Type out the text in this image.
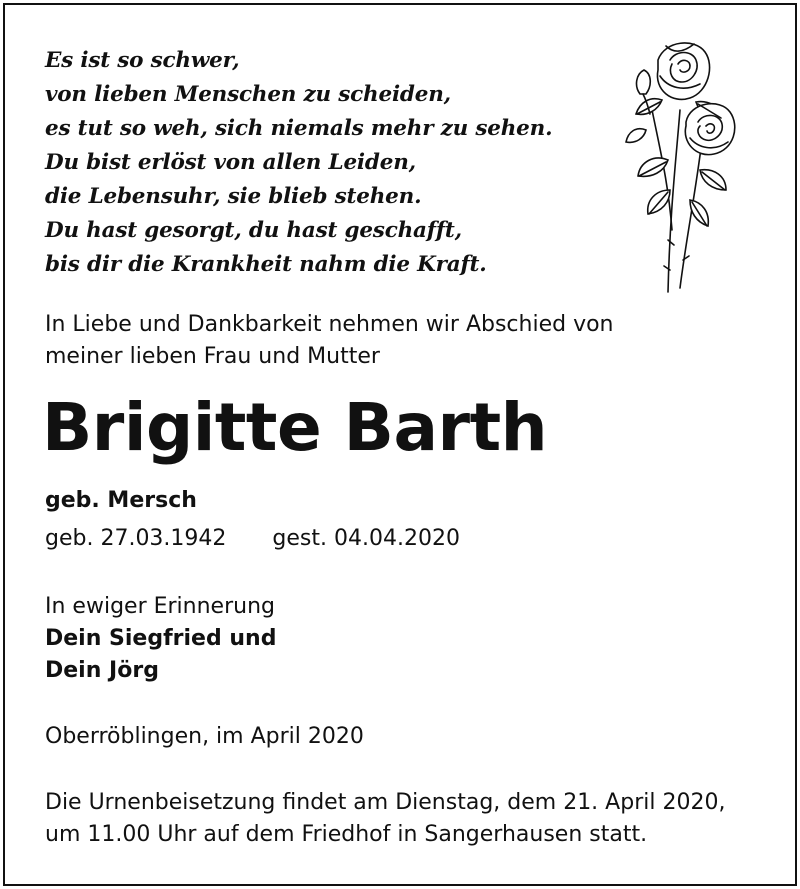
Es ist so schwer,
von lieben Menschen zu scheiden,
es tut so weh, sich niemals mehr zu sehen.
Du bist erlöst von allen Leiden,
die Lebensuhr, sie blieb stehen.
Du hast gesorgt, du hast geschafft,
bis dir die Krankheit nahm die Kraft.

In Liebe und Dankbarkeit nehmen wir Abschied von

meiner lieben Frau und Mutter

Brigitte Barth

geb. Mersch

geb. 27.03.1942 gest. 04.04.2020

In ewiger Erinnerung

Dein Siegfried und

Dein Jörg

Oberröblingen, im April 2020

Die Urnenbeisetzung findet am Dienstag, dem 21. April 2020,

um 11.00 Uhr auf dem Friedhof in Sangerhausen statt.
